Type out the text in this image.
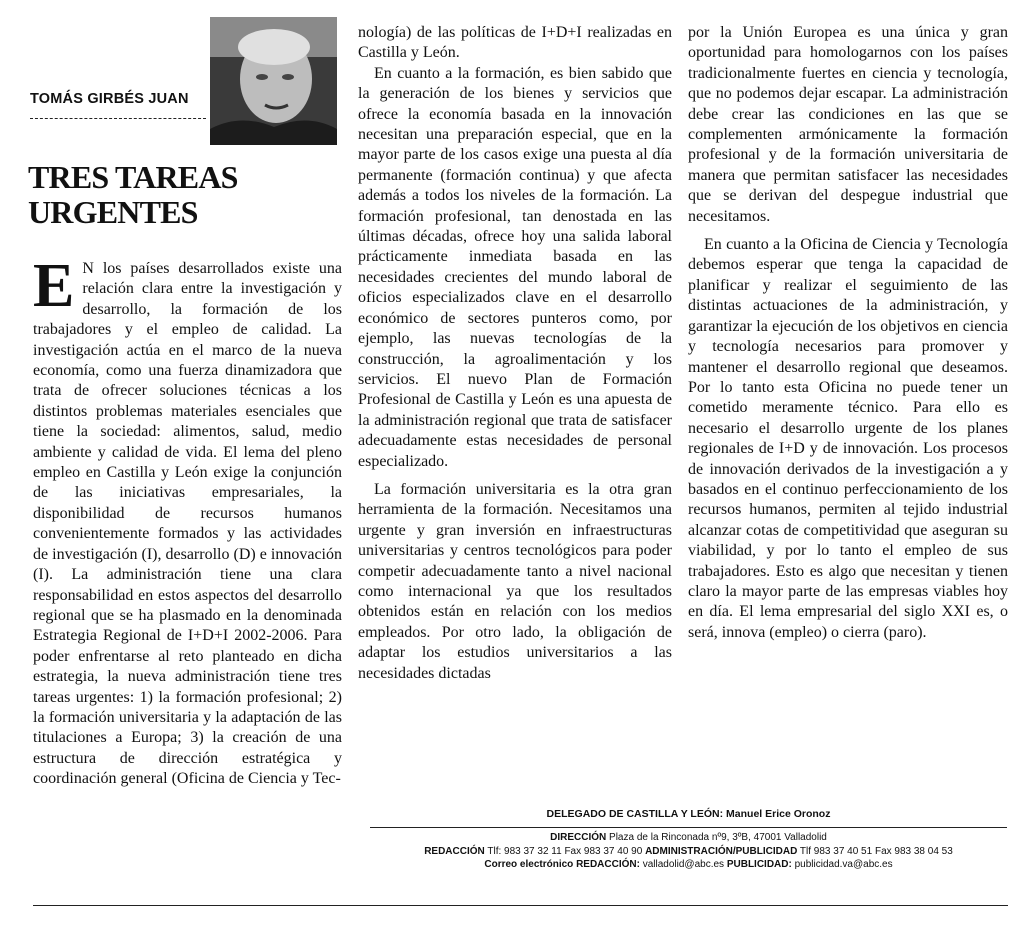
TOMÁS GIRBÉS JUAN
TRES TAREAS
URGENTES

E N los países desarrollados existe una relación clara entre la investigación y desarrollo, la formación de los trabajadores y el empleo de calidad. La investigación actúa en el marco de la nueva economía, como una fuerza dinamizadora que trata de ofrecer soluciones técnicas a los distintos problemas materiales esenciales que tiene la sociedad: alimentos, salud, medio ambiente y calidad de vida. El lema del pleno empleo en Castilla y León exige la conjunción de las iniciativas empresariales, la disponibilidad de recursos humanos convenientemente formados y las actividades de investigación (I), desarrollo (D) e innovación (I). La administración tiene una clara responsabilidad en estos aspectos del desarrollo regional que se ha plasmado en la denominada Estrategia Regional de I+D+I 2002-2006. Para poder enfrentarse al reto planteado en dicha estrategia, la nueva administración tiene tres tareas urgentes: 1) la formación profesional; 2) la formación universitaria y la adaptación de las titulaciones a Europa; 3) la creación de una estructura de dirección estratégica y coordinación general (Oficina de Ciencia y Tec-

nología) de las políticas de I+D+I realizadas en Castilla y León.

En cuanto a la formación, es bien sabido que la generación de los bienes y servicios que ofrece la economía basada en la innovación necesitan una preparación especial, que en la mayor parte de los casos exige una puesta al día permanente (formación continua) y que afecta además a todos los niveles de la formación. La formación profesional, tan denostada en las últimas décadas, ofrece hoy una salida laboral prácticamente inmediata basada en las necesidades crecientes del mundo laboral de oficios especializados clave en el desarrollo económico de sectores punteros como, por ejemplo, las nuevas tecnologías de la construcción, la agroalimentación y los servicios. El nuevo Plan de Formación Profesional de Castilla y León es una apuesta de la administración regional que trata de satisfacer adecuadamente estas necesidades de personal especializado.

La formación universitaria es la otra gran herramienta de la formación. Necesitamos una urgente y gran inversión en infraestructuras universitarias y centros tecnológicos para poder competir adecuadamente tanto a nivel nacional como internacional ya que los resultados obtenidos están en relación con los medios empleados. Por otro lado, la obligación de adaptar los estudios universitarios a las necesidades dictadas

por la Unión Europea es una única y gran oportunidad para homologarnos con los países tradicionalmente fuertes en ciencia y tecnología, que no podemos dejar escapar. La administración debe crear las condiciones en las que se complementen armónicamente la formación profesional y de la formación universitaria de manera que permitan satisfacer las necesidades que se derivan del despegue industrial que necesitamos.

En cuanto a la Oficina de Ciencia y Tecnología debemos esperar que tenga la capacidad de planificar y realizar el seguimiento de las distintas actuaciones de la administración, y garantizar la ejecución de los objetivos en ciencia y tecnología necesarios para promover y mantener el desarrollo regional que deseamos. Por lo tanto esta Oficina no puede tener un cometido meramente técnico. Para ello es necesario el desarrollo urgente de los planes regionales de I+D y de innovación. Los procesos de innovación derivados de la investigación a y basados en el continuo perfeccionamiento de los recursos humanos, permiten al tejido industrial alcanzar cotas de competitividad que aseguran su viabilidad, y por lo tanto el empleo de sus trabajadores. Esto es algo que necesitan y tienen claro la mayor parte de las empresas viables hoy en día. El lema empresarial del siglo XXI es, o será, innova (empleo) o cierra (paro).

DELEGADO DE CASTILLA Y LEÓN: Manuel Erice Oronoz
DIRECCIÓN Plaza de la Rinconada nº9, 3ºB, 47001 Valladolid
REDACCIÓN Tlf: 983 37 32 11 Fax 983 37 40 90 ADMINISTRACIÓN/PUBLICIDAD Tlf 983 37 40 51 Fax 983 38 04 53
Correo electrónico REDACCIÓN: valladolid@abc.es PUBLICIDAD: publicidad.va@abc.es
